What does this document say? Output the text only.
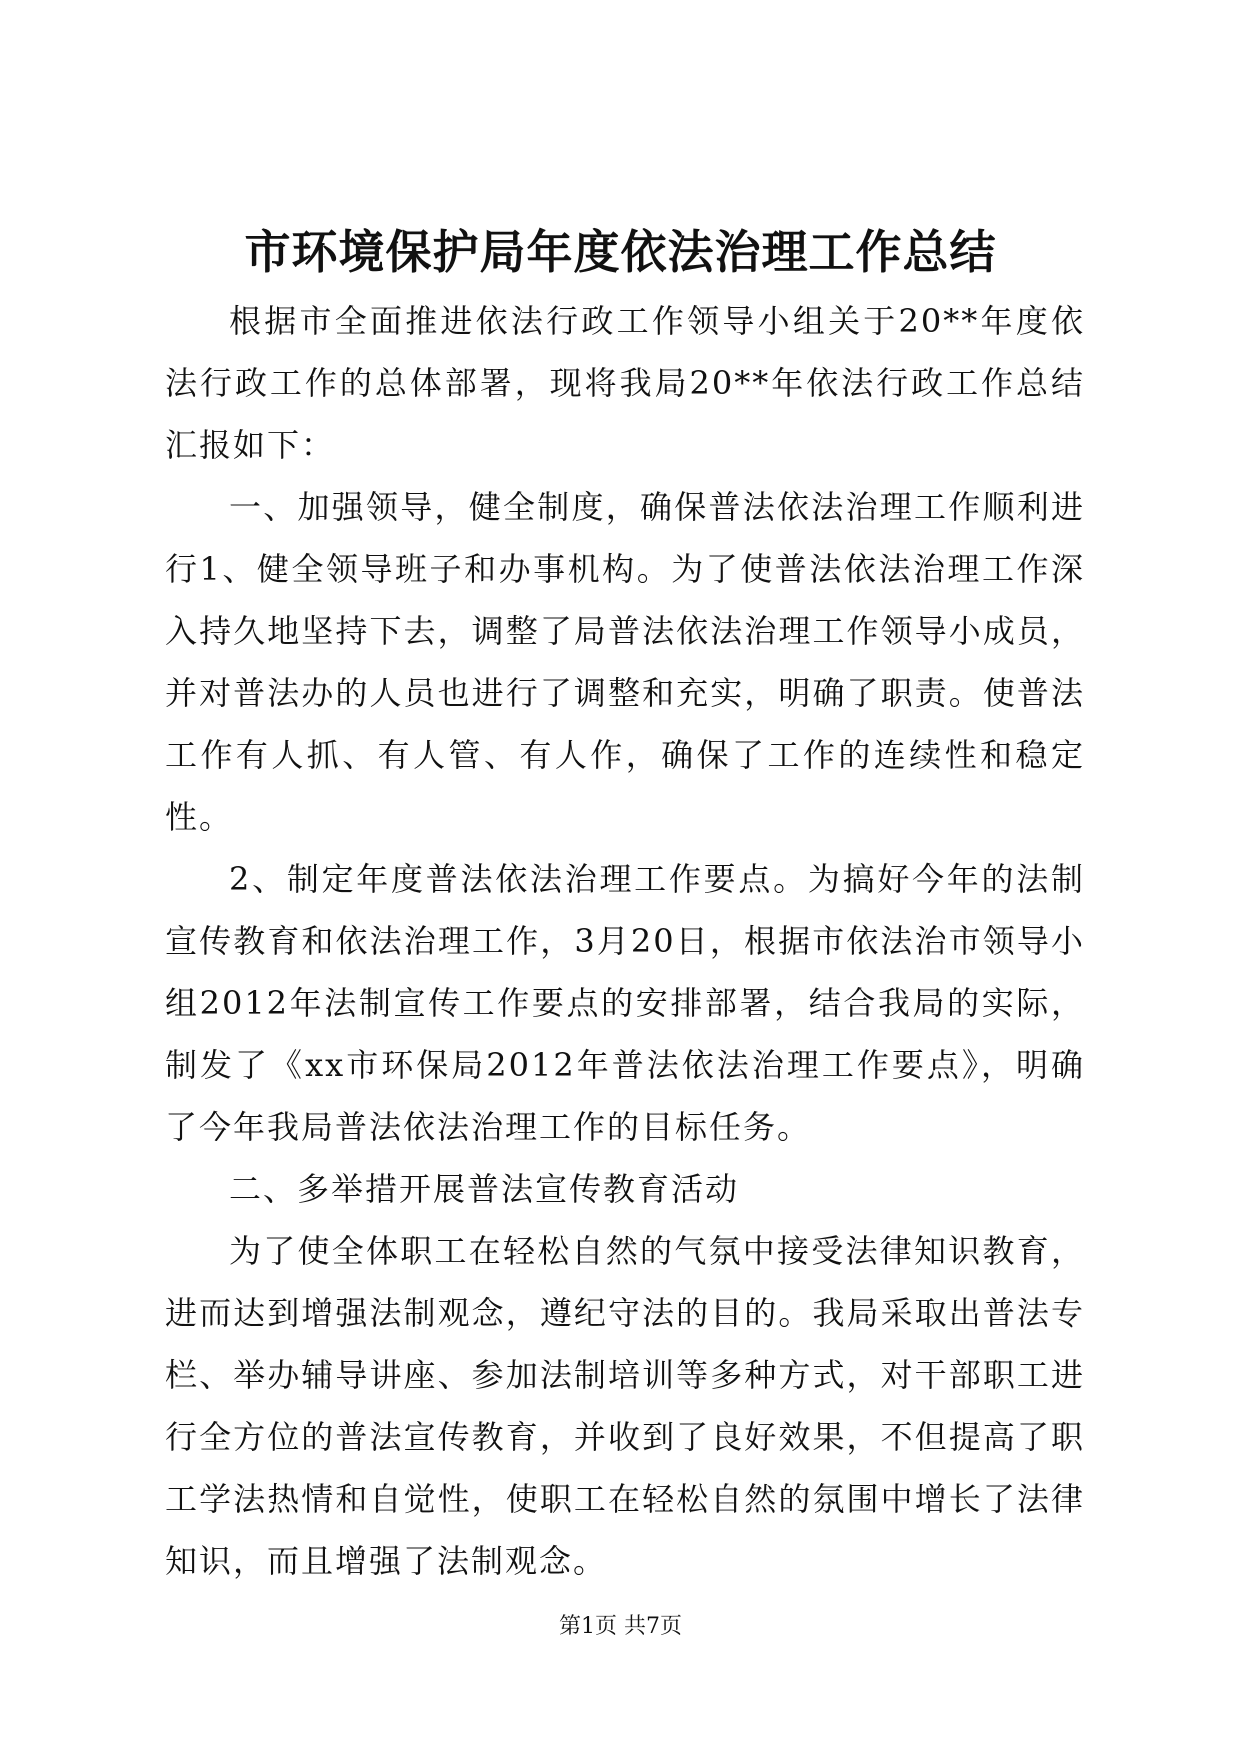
市环境保护局年度依法治理工作总结

根据市全面推进依法行政工作领导小组关于20**年度依法行政工作的总体部署，现将我局20**年依法行政工作总结汇报如下：

一、加强领导，健全制度，确保普法依法治理工作顺利进行1、健全领导班子和办事机构。为了使普法依法治理工作深入持久地坚持下去，调整了局普法依法治理工作领导小成员，并对普法办的人员也进行了调整和充实，明确了职责。使普法工作有人抓、有人管、有人作，确保了工作的连续性和稳定性。

2、制定年度普法依法治理工作要点。为搞好今年的法制宣传教育和依法治理工作，3月20日，根据市依法治市领导小组2012年法制宣传工作要点的安排部署，结合我局的实际，制发了《xx市环保局2012年普法依法治理工作要点》，明确了今年我局普法依法治理工作的目标任务。

二、多举措开展普法宣传教育活动

为了使全体职工在轻松自然的气氛中接受法律知识教育，进而达到增强法制观念，遵纪守法的目的。我局采取出普法专栏、举办辅导讲座、参加法制培训等多种方式，对干部职工进行全方位的普法宣传教育，并收到了良好效果，不但提高了职工学法热情和自觉性，使职工在轻松自然的氛围中增长了法律知识，而且增强了法制观念。

第1页 共7页
